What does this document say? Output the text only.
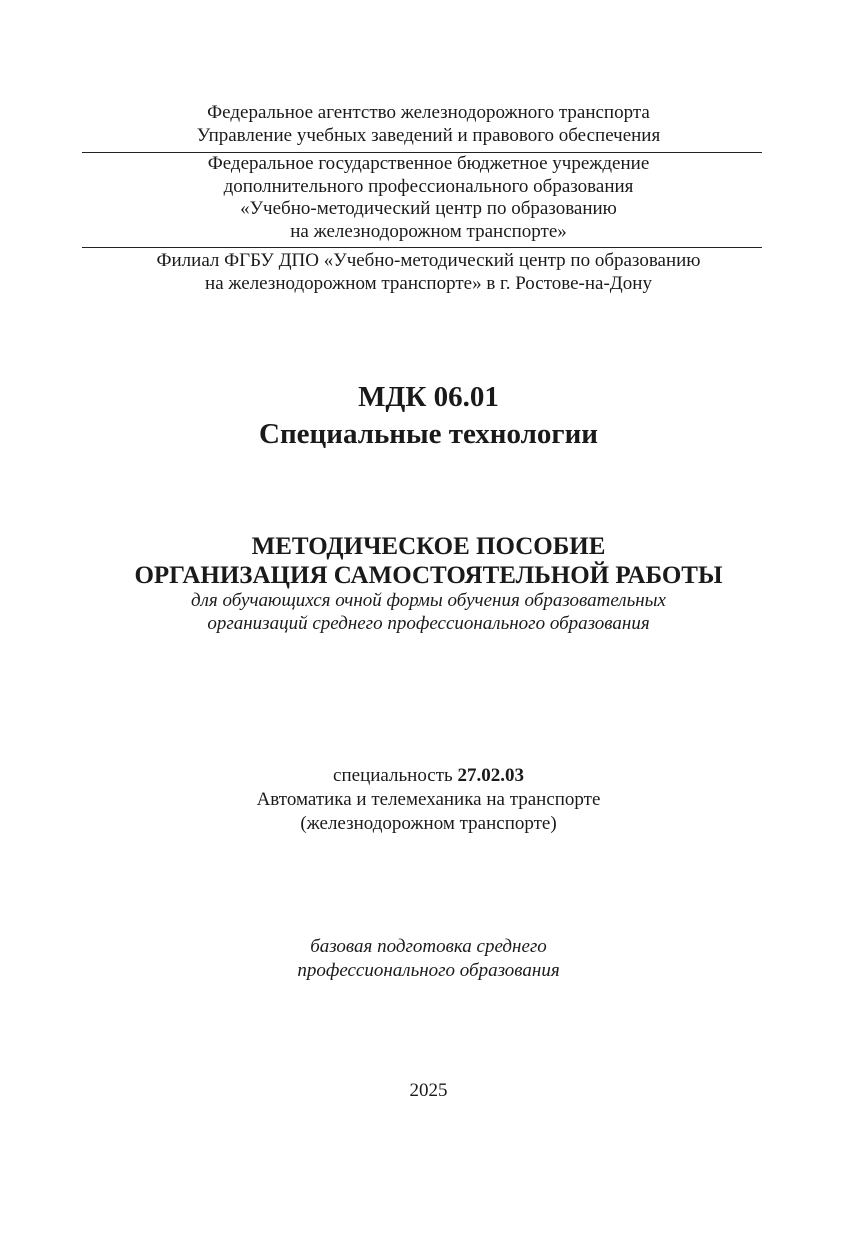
Федеральное агентство железнодорожного транспорта
Управление учебных заведений и правового обеспечения
Федеральное государственное бюджетное учреждение
дополнительного профессионального образования
«Учебно-методический центр по образованию
на железнодорожном транспорте»
Филиал ФГБУ ДПО «Учебно-методический центр по образованию
на железнодорожном транспорте» в г. Ростове-на-Дону
МДК 06.01
Специальные технологии
МЕТОДИЧЕСКОЕ ПОСОБИЕ
ОРГАНИЗАЦИЯ САМОСТОЯТЕЛЬНОЙ РАБОТЫ
для обучающихся очной формы обучения образовательных
организаций среднего профессионального образования
специальность 27.02.03
Автоматика и телемеханика на транспорте
(железнодорожном транспорте)
базовая подготовка среднего
профессионального образования
2025
